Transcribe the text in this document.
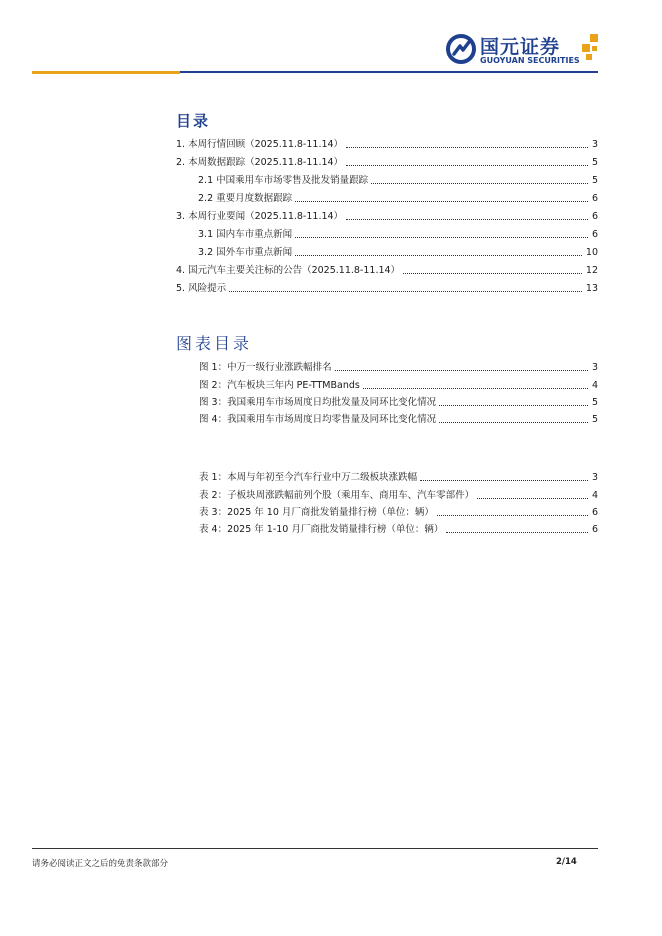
国元证券
GUOYUAN SECURITIES
目录
1. 本周行情回顾（2025.11.8-11.14）	3
2. 本周数据跟踪（2025.11.8-11.14）	5
2.1 中国乘用车市场零售及批发销量跟踪	5
2.2 重要月度数据跟踪	6
3. 本周行业要闻（2025.11.8-11.14）	6
3.1 国内车市重点新闻	6
3.2 国外车市重点新闻	10
4. 国元汽车主要关注标的公告（2025.11.8-11.14）	12
5. 风险提示	13
图表目录
图 1：中万一级行业涨跌幅排名	3
图 2：汽车板块三年内 PE-TTMBands	4
图 3：我国乘用车市场周度日均批发量及同环比变化情况	5
图 4：我国乘用车市场周度日均零售量及同环比变化情况	5
表 1：本周与年初至今汽车行业中万二级板块涨跌幅	3
表 2：子板块周涨跌幅前列个股（乘用车、商用车、汽车零部件）	4
表 3：2025 年 10 月厂商批发销量排行榜（单位：辆）	6
表 4：2025 年 1-10 月厂商批发销量排行榜（单位：辆）	6
请务必阅读正文之后的免责条款部分	2/14
